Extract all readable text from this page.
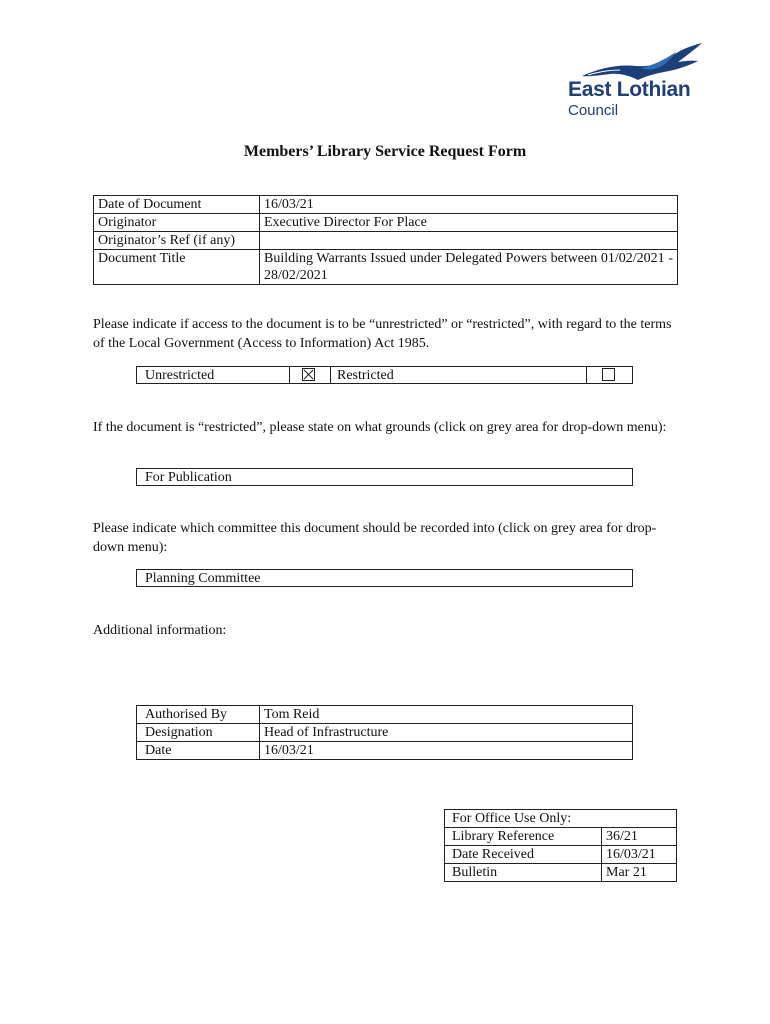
East Lothian
Council
Members’ Library Service Request Form
Date of Document	16/03/21
Originator	Executive Director For Place
Originator’s Ref (if any)	
Document Title	Building Warrants Issued under Delegated Powers between 01/02/2021 - 28/02/2021
Please indicate if access to the document is to be “unrestricted” or “restricted”, with regard to the terms of the Local Government (Access to Information) Act 1985.
Unrestricted	Restricted
If the document is “restricted”, please state on what grounds (click on grey area for drop-down menu):
For Publication
Please indicate which committee this document should be recorded into (click on grey area for drop-down menu):
Planning Committee
Additional information:
Authorised By	Tom Reid
Designation	Head of Infrastructure
Date	16/03/21
For Office Use Only:	
Library Reference	36/21
Date Received	16/03/21
Bulletin	Mar 21
